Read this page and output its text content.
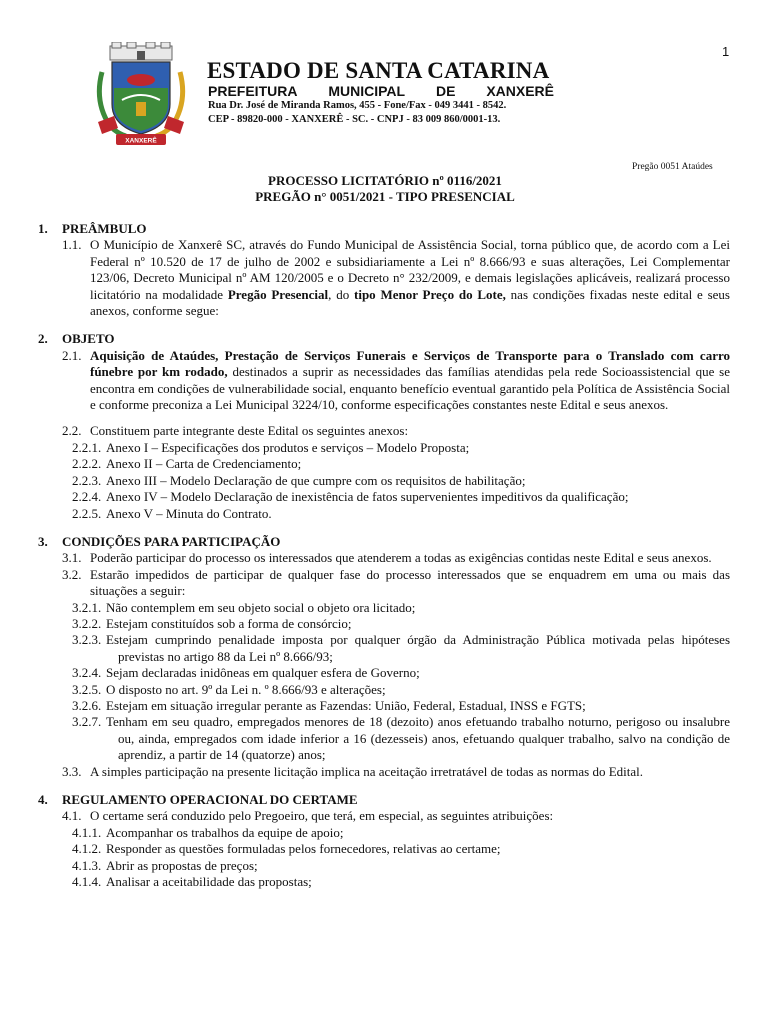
1
XANXERÊ
ESTADO DE SANTA CATARINA
PREFEITURA MUNICIPAL DE XANXERÊ
Rua Dr. José de Miranda Ramos, 455 - Fone/Fax - 049 3441 - 8542.
CEP - 89820-000 - XANXERÊ - SC. - CNPJ - 83 009 860/0001-13.
Pregão 0051 Ataúdes
PROCESSO LICITATÓRIO nº 0116/2021
PREGÃO n° 0051/2021 - TIPO PRESENCIAL
1.	PREÂMBULO
1.1. O Município de Xanxerê SC, através do Fundo Municipal de Assistência Social, torna público que, de acordo com a Lei Federal nº 10.520 de 17 de julho de 2002 e subsidiariamente a Lei nº 8.666/93 e suas alterações, Lei Complementar 123/06, Decreto Municipal nº AM 120/2005 e o Decreto n° 232/2009, e demais legislações aplicáveis, realizará processo licitatório na modalidade Pregão Presencial, do tipo Menor Preço do Lote, nas condições fixadas neste edital e seus anexos, conforme segue:
2.	OBJETO
2.1. Aquisição de Ataúdes, Prestação de Serviços Funerais e Serviços de Transporte para o Translado com carro fúnebre por km rodado, destinados a suprir as necessidades das famílias atendidas pela rede Socioassistencial que se encontra em condições de vulnerabilidade social, enquanto benefício eventual garantido pela Política de Assistência Social e conforme preconiza a Lei Municipal 3224/10, conforme especificações constantes neste Edital e seus anexos.
2.2. Constituem parte integrante deste Edital os seguintes anexos:
2.2.1. Anexo I – Especificações dos produtos e serviços – Modelo Proposta;
2.2.2. Anexo II – Carta de Credenciamento;
2.2.3. Anexo III – Modelo Declaração de que cumpre com os requisitos de habilitação;
2.2.4. Anexo IV – Modelo Declaração de inexistência de fatos supervenientes impeditivos da qualificação;
2.2.5. Anexo V – Minuta do Contrato.
3.	CONDIÇÕES PARA PARTICIPAÇÃO
3.1. Poderão participar do processo os interessados que atenderem a todas as exigências contidas neste Edital e seus anexos.
3.2. Estarão impedidos de participar de qualquer fase do processo interessados que se enquadrem em uma ou mais das situações a seguir:
3.2.1. Não contemplem em seu objeto social o objeto ora licitado;
3.2.2. Estejam constituídos sob a forma de consórcio;
3.2.3. Estejam cumprindo penalidade imposta por qualquer órgão da Administração Pública motivada pelas hipóteses previstas no artigo 88 da Lei nº 8.666/93;
3.2.4. Sejam declaradas inidôneas em qualquer esfera de Governo;
3.2.5. O disposto no art. 9º da Lei n. º 8.666/93 e alterações;
3.2.6. Estejam em situação irregular perante as Fazendas: União, Federal, Estadual, INSS e FGTS;
3.2.7. Tenham em seu quadro, empregados menores de 18 (dezoito) anos efetuando trabalho noturno, perigoso ou insalubre ou, ainda, empregados com idade inferior a 16 (dezesseis) anos, efetuando qualquer trabalho, salvo na condição de aprendiz, a partir de 14 (quatorze) anos;
3.3. A simples participação na presente licitação implica na aceitação irretratável de todas as normas do Edital.
4.	REGULAMENTO OPERACIONAL DO CERTAME
4.1. O certame será conduzido pelo Pregoeiro, que terá, em especial, as seguintes atribuições:
4.1.1. Acompanhar os trabalhos da equipe de apoio;
4.1.2. Responder as questões formuladas pelos fornecedores, relativas ao certame;
4.1.3. Abrir as propostas de preços;
4.1.4. Analisar a aceitabilidade das propostas;
